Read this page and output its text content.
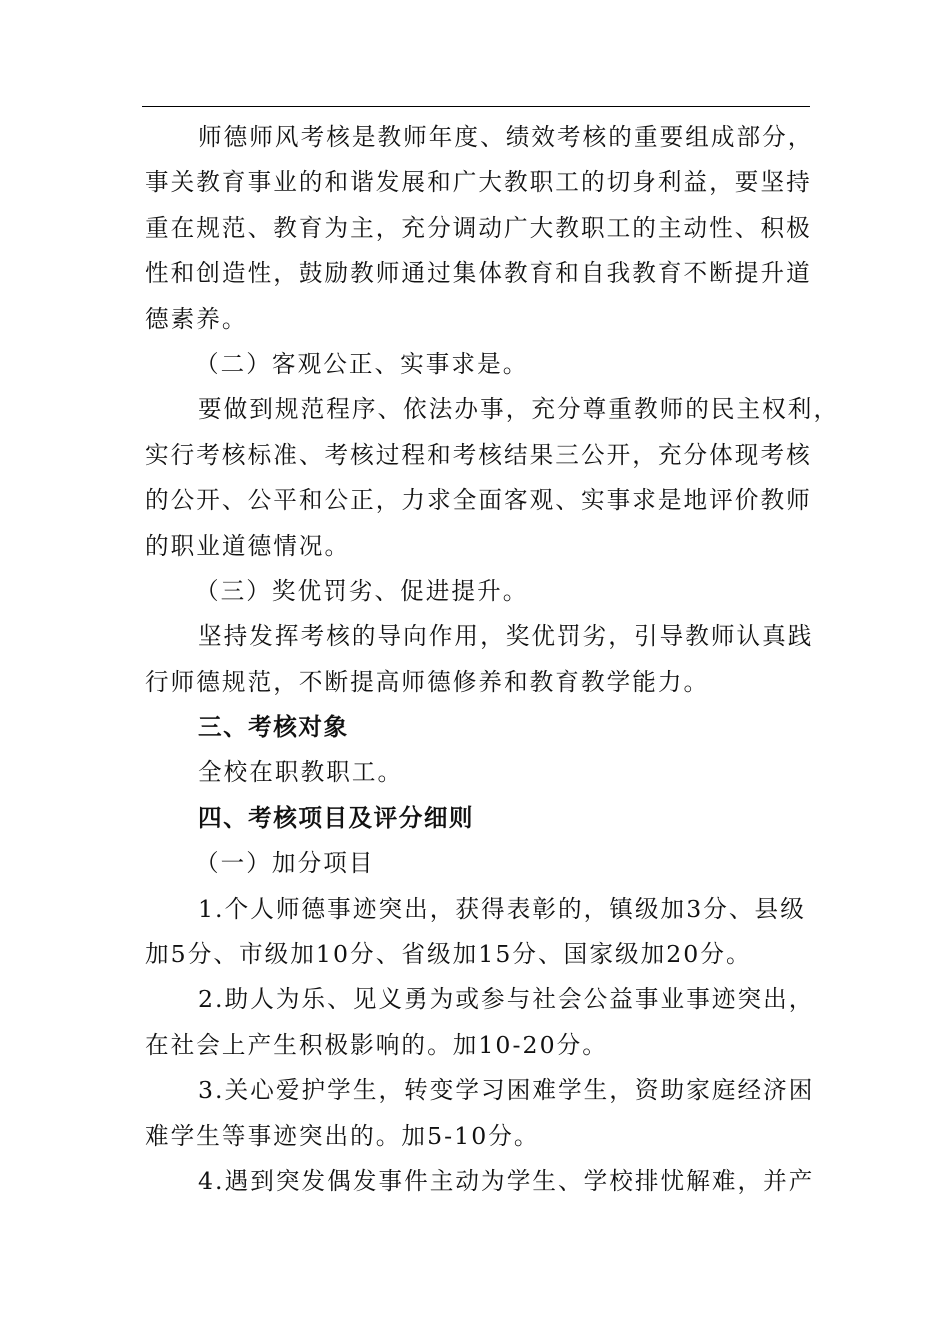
师德师风考核是教师年度、绩效考核的重要组成部分，
事关教育事业的和谐发展和广大教职工的切身利益，要坚持
重在规范、教育为主，充分调动广大教职工的主动性、积极
性和创造性，鼓励教师通过集体教育和自我教育不断提升道
德素养。
（二）客观公正、实事求是。
要做到规范程序、依法办事，充分尊重教师的民主权利，
实行考核标准、考核过程和考核结果三公开，充分体现考核
的公开、公平和公正，力求全面客观、实事求是地评价教师
的职业道德情况。
（三）奖优罚劣、促进提升。
坚持发挥考核的导向作用，奖优罚劣，引导教师认真践
行师德规范，不断提高师德修养和教育教学能力。
三、考核对象
全校在职教职工。
四、考核项目及评分细则
（一）加分项目
1.个人师德事迹突出，获得表彰的，镇级加3分、县级
加5分、市级加10分、省级加15分、国家级加20分。
2.助人为乐、见义勇为或参与社会公益事业事迹突出，
在社会上产生积极影响的。加10-20分。
3.关心爱护学生，转变学习困难学生，资助家庭经济困
难学生等事迹突出的。加5-10分。
4.遇到突发偶发事件主动为学生、学校排忧解难，并产
